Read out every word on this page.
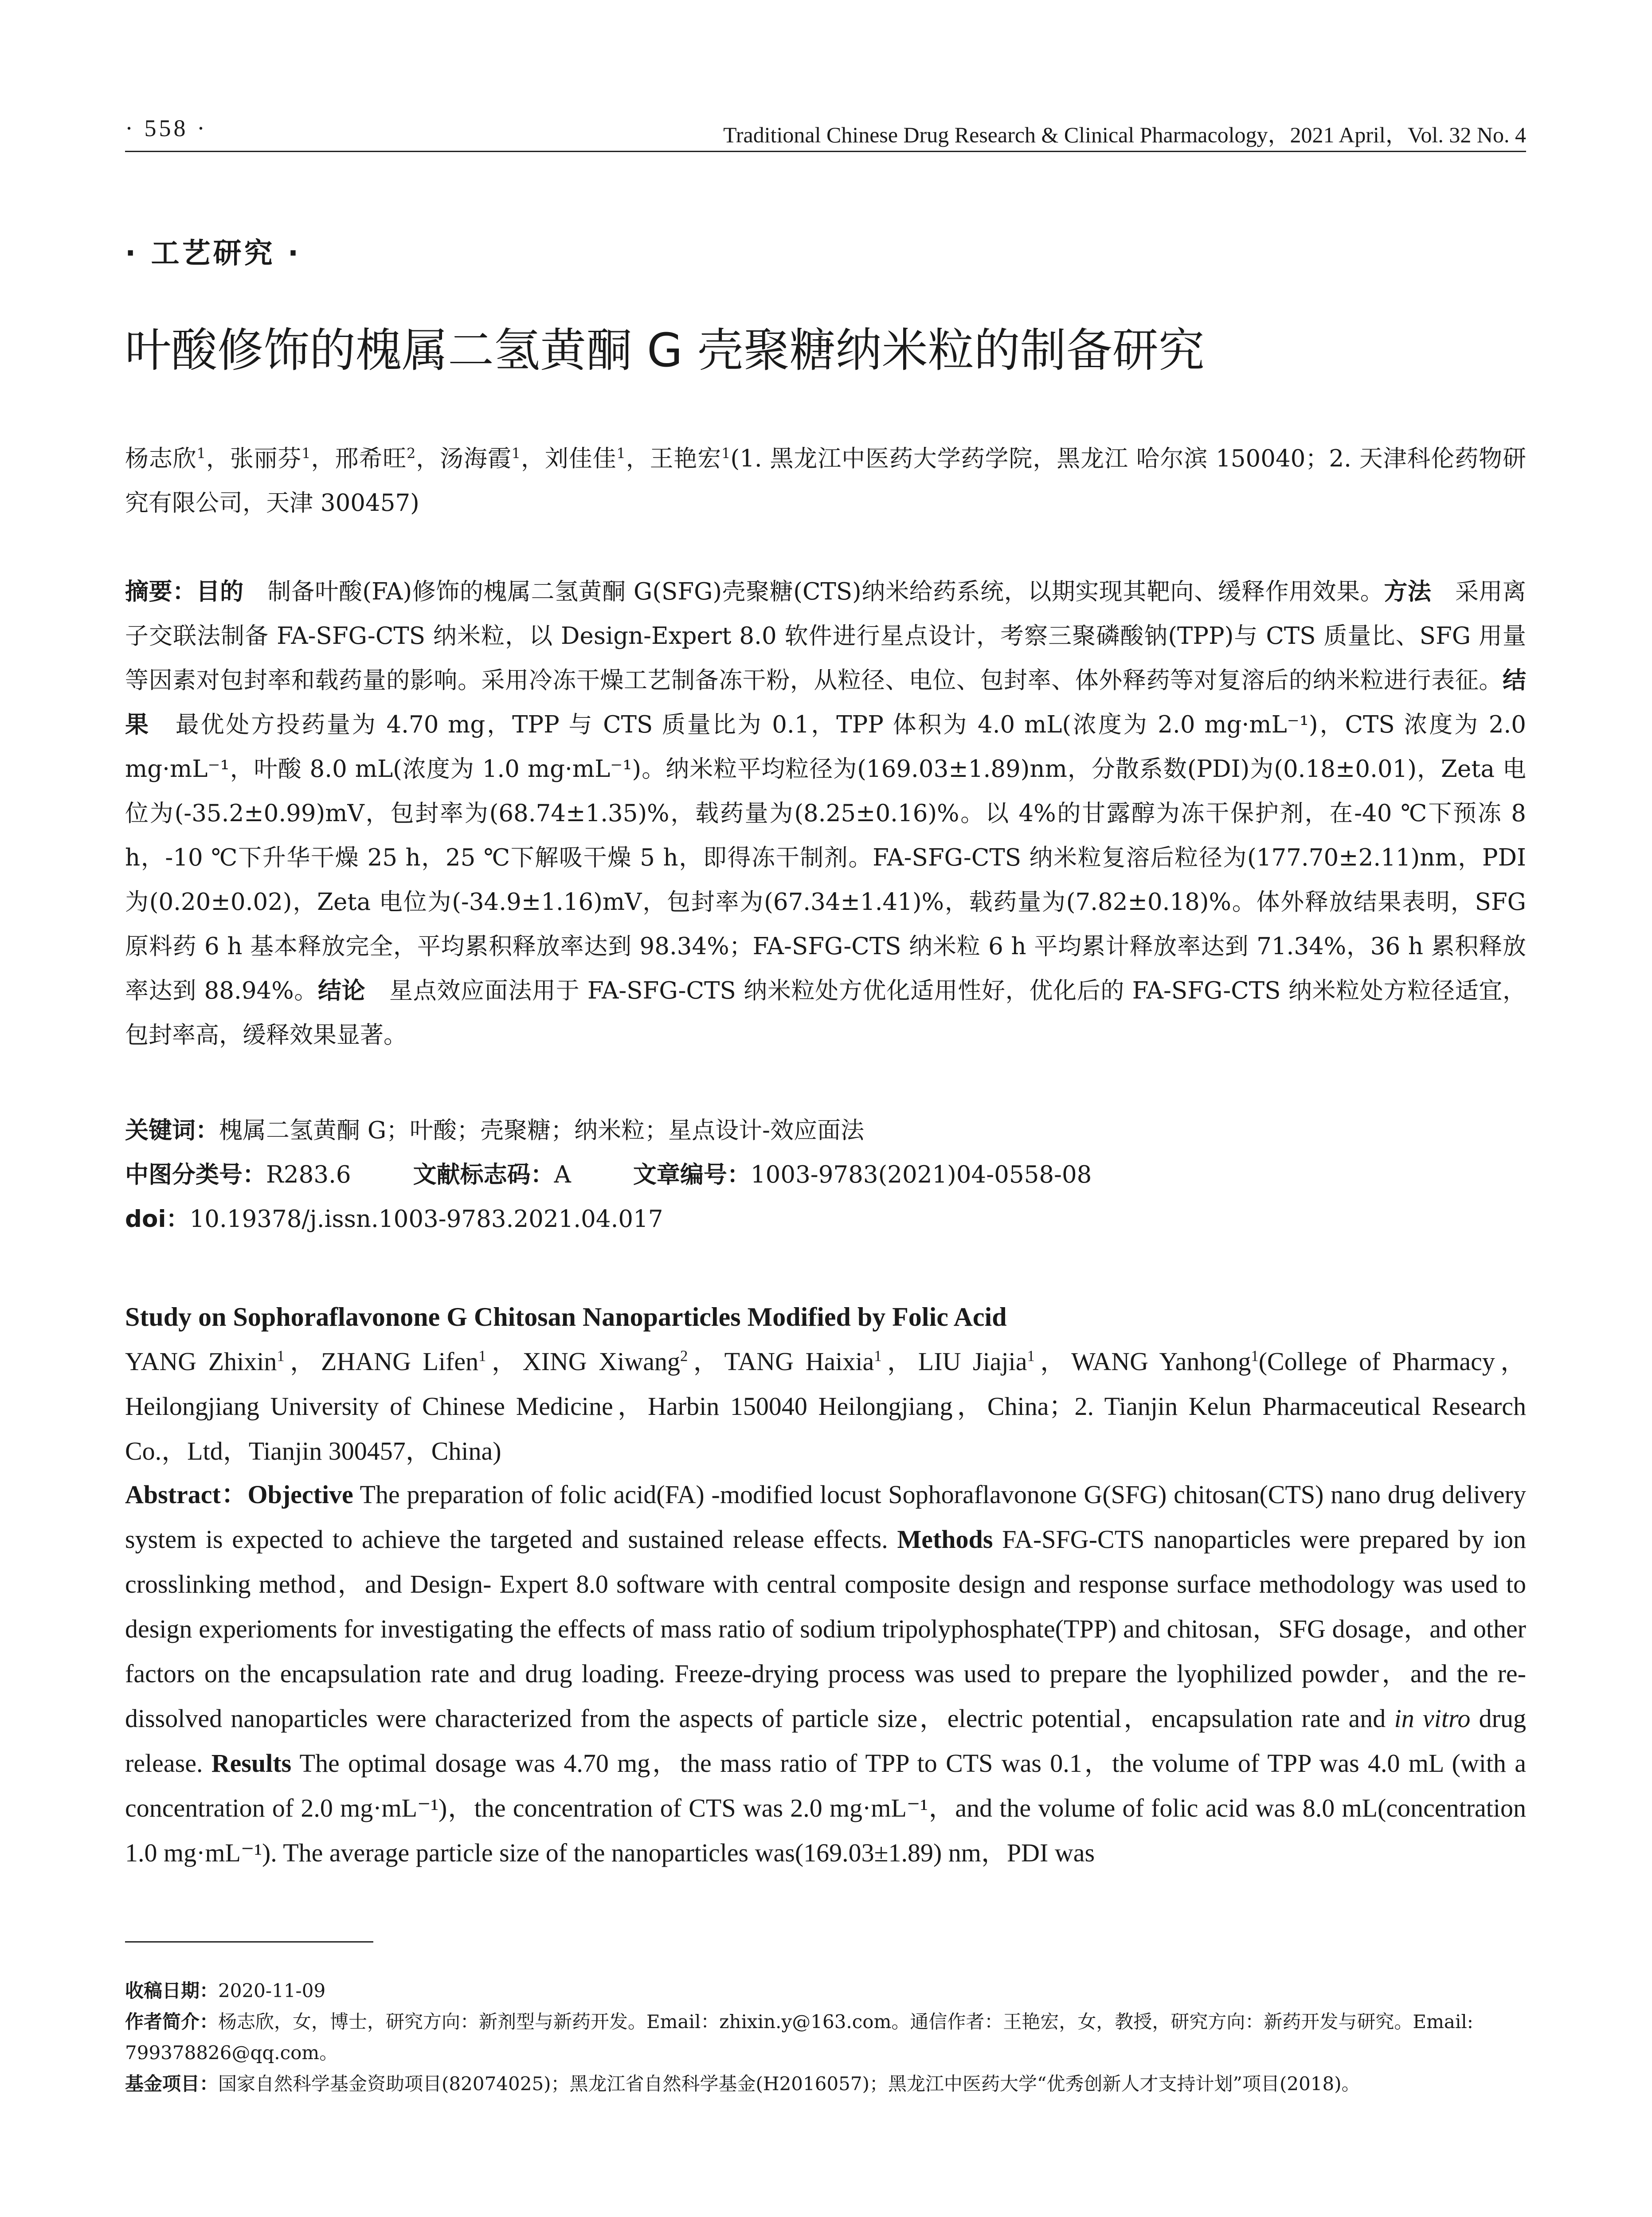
· 558 ·	Traditional Chinese Drug Research & Clinical Pharmacology，2021 April，Vol. 32 No. 4
· 工艺研究 ·
叶酸修饰的槐属二氢黄酮 G 壳聚糖纳米粒的制备研究
杨志欣$^1$，张丽芬$^1$，邢希旺$^2$，汤海霞$^1$，刘佳佳$^1$，王艳宏$^1$(1. 黑龙江中医药大学药学院，黑龙江 哈尔滨 150040；2. 天津科伦药物研究有限公司，天津 300457)
摘要：目的　制备叶酸(FA)修饰的槐属二氢黄酮 G(SFG)壳聚糖(CTS)纳米给药系统，以期实现其靶向、缓释作用效果。方法　采用离子交联法制备 FA-SFG-CTS 纳米粒，以 Design-Expert 8.0 软件进行星点设计，考察三聚磷酸钠(TPP)与 CTS 质量比、SFG 用量等因素对包封率和载药量的影响。采用冷冻干燥工艺制备冻干粉，从粒径、电位、包封率、体外释药等对复溶后的纳米粒进行表征。结果　最优处方投药量为 4.70 mg，TPP 与 CTS 质量比为 0.1，TPP 体积为 4.0 mL(浓度为 2.0 mg·mL⁻¹)，CTS 浓度为 2.0 mg·mL⁻¹，叶酸 8.0 mL(浓度为 1.0 mg·mL⁻¹)。纳米粒平均粒径为(169.03±1.89)nm，分散系数(PDI)为(0.18±0.01)，Zeta 电位为(-35.2±0.99)mV，包封率为(68.74±1.35)%，载药量为(8.25±0.16)%。以 4%的甘露醇为冻干保护剂，在-40 ℃下预冻 8 h，-10 ℃下升华干燥 25 h，25 ℃下解吸干燥 5 h，即得冻干制剂。FA-SFG-CTS 纳米粒复溶后粒径为(177.70±2.11)nm，PDI 为(0.20±0.02)，Zeta 电位为(-34.9±1.16)mV，包封率为(67.34±1.41)%，载药量为(7.82±0.18)%。体外释放结果表明，SFG 原料药 6 h 基本释放完全，平均累积释放率达到 98.34%；FA-SFG-CTS 纳米粒 6 h 平均累计释放率达到 71.34%，36 h 累积释放率达到 88.94%。结论　星点效应面法用于 FA-SFG-CTS 纳米粒处方优化适用性好，优化后的 FA-SFG-CTS 纳米粒处方粒径适宜，包封率高，缓释效果显著。
关键词：槐属二氢黄酮 G；叶酸；壳聚糖；纳米粒；星点设计-效应面法
中图分类号：R283.6	文献标志码：A	文章编号：1003-9783(2021)04-0558-08
doi：10.19378/j.issn.1003-9783.2021.04.017
Study on Sophoraflavonone G Chitosan Nanoparticles Modified by Folic Acid
YANG Zhixin$^1$，ZHANG Lifen$^1$，XING Xiwang$^2$，TANG Haixia$^1$，LIU Jiajia$^1$，WANG Yanhong$^1$(College of Pharmacy，Heilongjiang University of Chinese Medicine，Harbin 150040 Heilongjiang，China；2. Tianjin Kelun Pharmaceutical Research Co.，Ltd，Tianjin 300457，China)
Abstract：Objective The preparation of folic acid(FA) -modified locust Sophoraflavonone G(SFG) chitosan(CTS) nano drug delivery system is expected to achieve the targeted and sustained release effects. Methods FA-SFG-CTS nanoparticles were prepared by ion crosslinking method，and Design- Expert 8.0 software with central composite design and response surface methodology was used to design experioments for investigating the effects of mass ratio of sodium tripolyphosphate(TPP) and chitosan，SFG dosage，and other factors on the encapsulation rate and drug loading. Freeze-drying process was used to prepare the lyophilized powder，and the re-dissolved nanoparticles were characterized from the aspects of particle size，electric potential，encapsulation rate and in vitro drug release. Results The optimal dosage was 4.70 mg，the mass ratio of TPP to CTS was 0.1，the volume of TPP was 4.0 mL (with a concentration of 2.0 mg·mL⁻¹)，the concentration of CTS was 2.0 mg·mL⁻¹，and the volume of folic acid was 8.0 mL(concentration 1.0 mg·mL⁻¹). The average particle size of the nanoparticles was(169.03±1.89) nm，PDI was
收稿日期：2020-11-09
作者简介：杨志欣，女，博士，研究方向：新剂型与新药开发。Email：zhixin.y@163.com。通信作者：王艳宏，女，教授，研究方向：新药开发与研究。Email: 799378826@qq.com。
基金项目：国家自然科学基金资助项目(82074025)；黑龙江省自然科学基金(H2016057)；黑龙江中医药大学“优秀创新人才支持计划”项目(2018)。
